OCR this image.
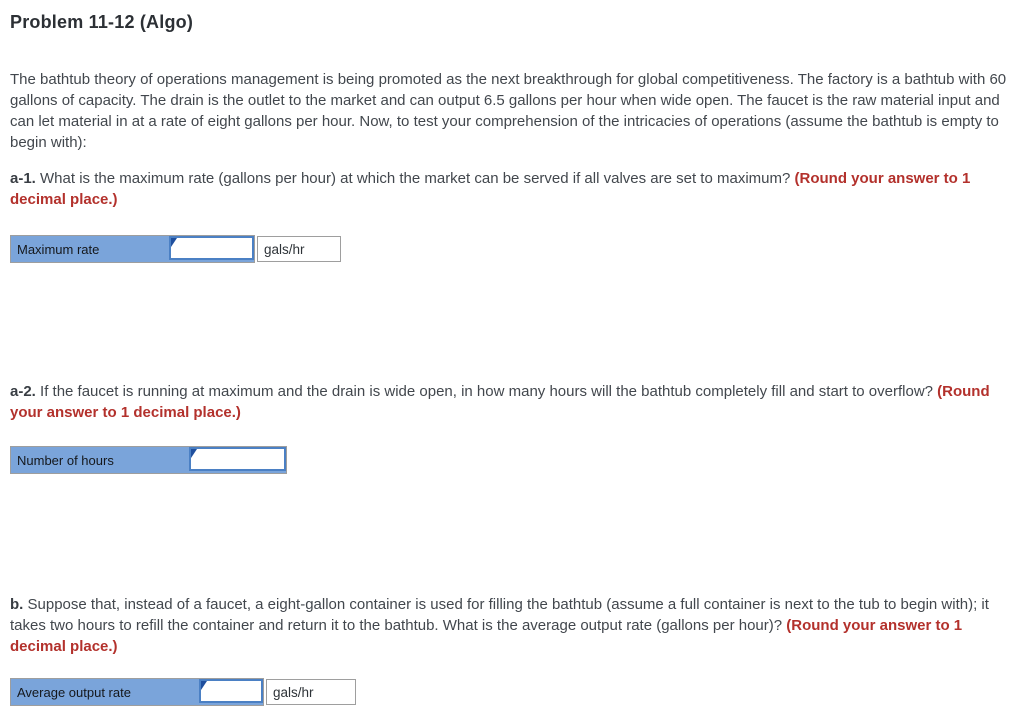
Problem 11-12 (Algo)

The bathtub theory of operations management is being promoted as the next breakthrough for global competitiveness. The factory is a bathtub with 60 gallons of capacity. The drain is the outlet to the market and can output 6.5 gallons per hour when wide open. The faucet is the raw material input and can let material in at a rate of eight gallons per hour. Now, to test your comprehension of the intricacies of operations (assume the bathtub is empty to begin with):

a-1. What is the maximum rate (gallons per hour) at which the market can be served if all valves are set to maximum? (Round your answer to 1 decimal place.)

Maximum rate	gals/hr

a-2. If the faucet is running at maximum and the drain is wide open, in how many hours will the bathtub completely fill and start to overflow? (Round your answer to 1 decimal place.)

Number of hours

b. Suppose that, instead of a faucet, a eight-gallon container is used for filling the bathtub (assume a full container is next to the tub to begin with); it takes two hours to refill the container and return it to the bathtub. What is the average output rate (gallons per hour)? (Round your answer to 1 decimal place.)

Average output rate	gals/hr
